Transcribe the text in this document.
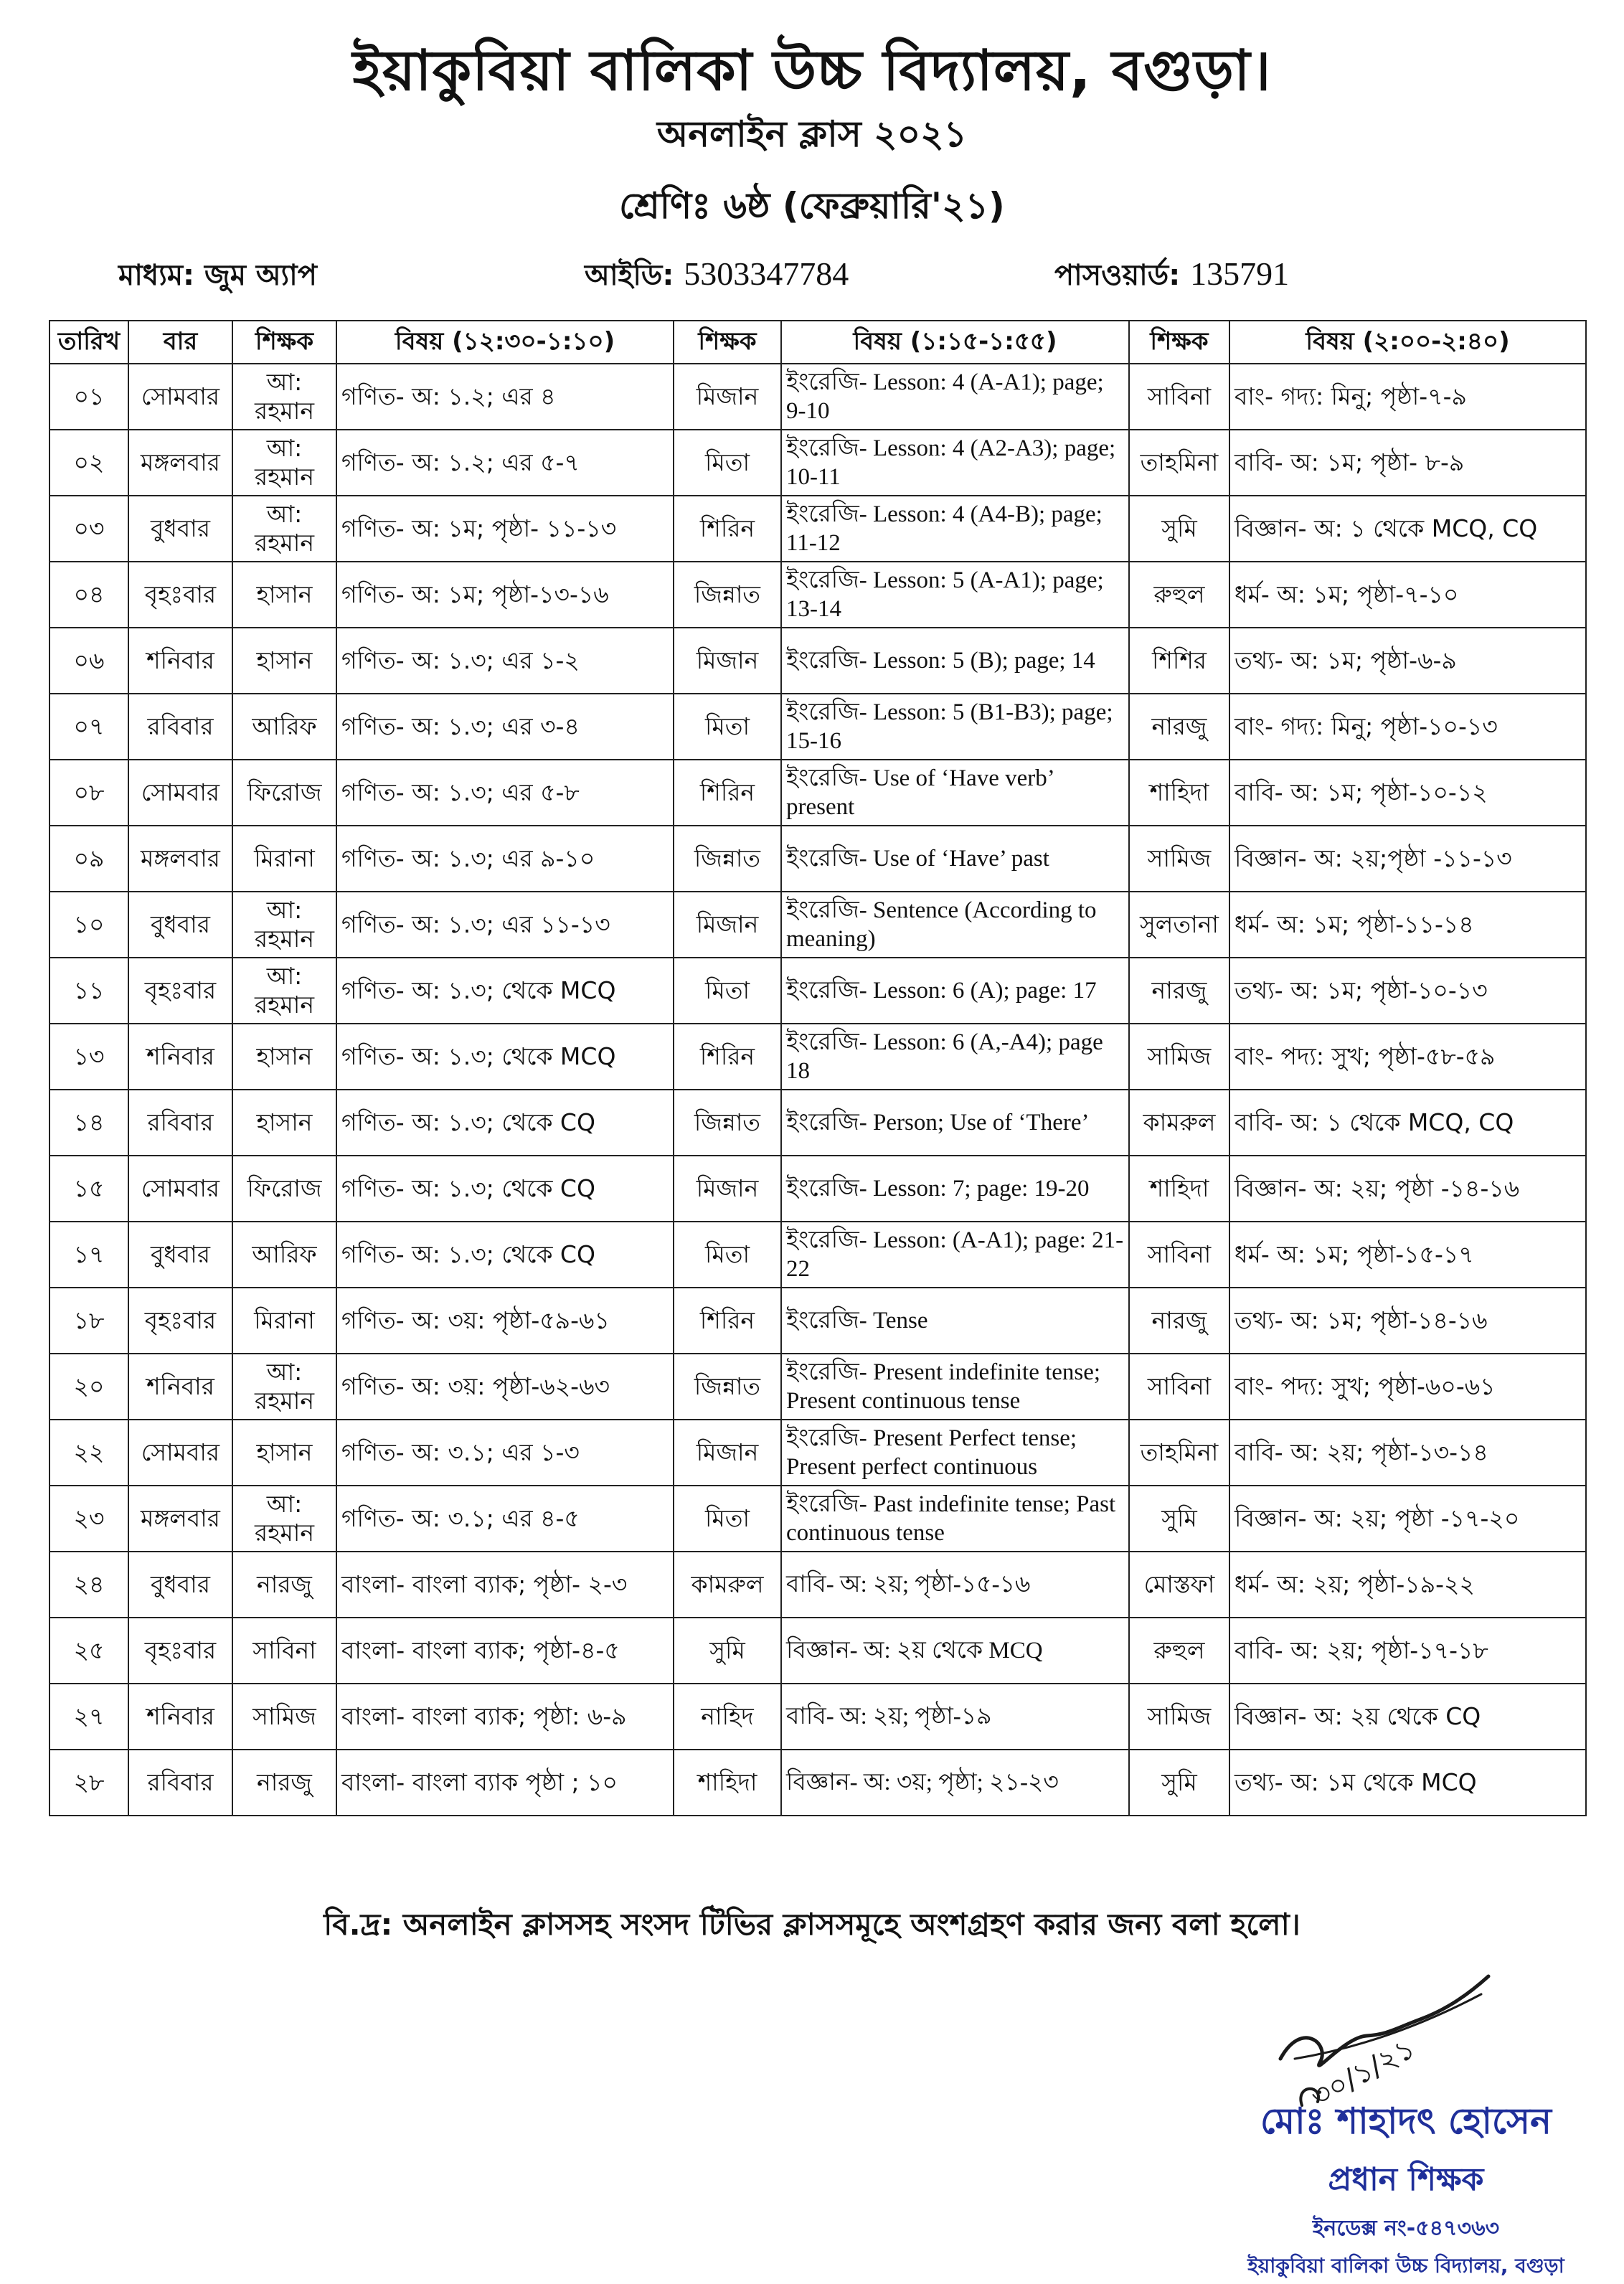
ইয়াকুবিয়া বালিকা উচ্চ বিদ্যালয়, বগুড়া।
অনলাইন ক্লাস ২০২১
শ্রেণিঃ ৬ষ্ঠ (ফেব্রুয়ারি'২১)
মাধ্যম: জুম অ্যাপ	আইডি: 5303347784	পাসওয়ার্ড: 135791
তারিখ	বার	শিক্ষক	বিষয় (১২:৩০-১:১০)	শিক্ষক	বিষয় (১:১৫-১:৫৫)	শিক্ষক	বিষয় (২:০০-২:৪০)
০১	সোমবার	আ: রহমান	গণিত- অ: ১.২; এর ৪	মিজান	ইংরেজি- Lesson: 4 (A-A1); page; 9-10	সাবিনা	বাং- গদ্য: মিনু; পৃষ্ঠা-৭-৯
০২	মঙ্গলবার	আ: রহমান	গণিত- অ: ১.২; এর ৫-৭	মিতা	ইংরেজি- Lesson: 4 (A2-A3); page; 10-11	তাহমিনা	বাবি- অ: ১ম; পৃষ্ঠা- ৮-৯
০৩	বুধবার	আ: রহমান	গণিত- অ: ১ম; পৃষ্ঠা- ১১-১৩	শিরিন	ইংরেজি- Lesson: 4 (A4-B); page; 11-12	সুমি	বিজ্ঞান- অ: ১ থেকে MCQ, CQ
০৪	বৃহঃবার	হাসান	গণিত- অ: ১ম; পৃষ্ঠা-১৩-১৬	জিন্নাত	ইংরেজি- Lesson: 5 (A-A1); page; 13-14	রুহুল	ধর্ম- অ: ১ম; পৃষ্ঠা-৭-১০
০৬	শনিবার	হাসান	গণিত- অ: ১.৩; এর ১-২	মিজান	ইংরেজি- Lesson: 5 (B); page; 14	শিশির	তথ্য- অ: ১ম; পৃষ্ঠা-৬-৯
০৭	রবিবার	আরিফ	গণিত- অ: ১.৩; এর ৩-৪	মিতা	ইংরেজি- Lesson: 5 (B1-B3); page; 15-16	নারজু	বাং- গদ্য: মিনু; পৃষ্ঠা-১০-১৩
০৮	সোমবার	ফিরোজ	গণিত- অ: ১.৩; এর ৫-৮	শিরিন	ইংরেজি- Use of ‘Have verb’ present	শাহিদা	বাবি- অ: ১ম; পৃষ্ঠা-১০-১২
০৯	মঙ্গলবার	মিরানা	গণিত- অ: ১.৩; এর ৯-১০	জিন্নাত	ইংরেজি- Use of ‘Have’ past	সামিজ	বিজ্ঞান- অ: ২য়;পৃষ্ঠা -১১-১৩
১০	বুধবার	আ: রহমান	গণিত- অ: ১.৩; এর ১১-১৩	মিজান	ইংরেজি- Sentence (According to meaning)	সুলতানা	ধর্ম- অ: ১ম; পৃষ্ঠা-১১-১৪
১১	বৃহঃবার	আ: রহমান	গণিত- অ: ১.৩; থেকে MCQ	মিতা	ইংরেজি- Lesson: 6 (A); page: 17	নারজু	তথ্য- অ: ১ম; পৃষ্ঠা-১০-১৩
১৩	শনিবার	হাসান	গণিত- অ: ১.৩; থেকে MCQ	শিরিন	ইংরেজি- Lesson: 6 (A,-A4); page 18	সামিজ	বাং- পদ্য: সুখ; পৃষ্ঠা-৫৮-৫৯
১৪	রবিবার	হাসান	গণিত- অ: ১.৩; থেকে CQ	জিন্নাত	ইংরেজি- Person; Use of ‘There’	কামরুল	বাবি- অ: ১ থেকে MCQ, CQ
১৫	সোমবার	ফিরোজ	গণিত- অ: ১.৩; থেকে CQ	মিজান	ইংরেজি- Lesson: 7; page: 19-20	শাহিদা	বিজ্ঞান- অ: ২য়; পৃষ্ঠা -১৪-১৬
১৭	বুধবার	আরিফ	গণিত- অ: ১.৩; থেকে CQ	মিতা	ইংরেজি- Lesson: (A-A1); page: 21-22	সাবিনা	ধর্ম- অ: ১ম; পৃষ্ঠা-১৫-১৭
১৮	বৃহঃবার	মিরানা	গণিত- অ: ৩য়: পৃষ্ঠা-৫৯-৬১	শিরিন	ইংরেজি- Tense	নারজু	তথ্য- অ: ১ম; পৃষ্ঠা-১৪-১৬
২০	শনিবার	আ: রহমান	গণিত- অ: ৩য়: পৃষ্ঠা-৬২-৬৩	জিন্নাত	ইংরেজি- Present indefinite tense; Present continuous tense	সাবিনা	বাং- পদ্য: সুখ; পৃষ্ঠা-৬০-৬১
২২	সোমবার	হাসান	গণিত- অ: ৩.১; এর ১-৩	মিজান	ইংরেজি- Present Perfect tense; Present perfect continuous	তাহমিনা	বাবি- অ: ২য়; পৃষ্ঠা-১৩-১৪
২৩	মঙ্গলবার	আ: রহমান	গণিত- অ: ৩.১; এর ৪-৫	মিতা	ইংরেজি- Past indefinite tense; Past continuous tense	সুমি	বিজ্ঞান- অ: ২য়; পৃষ্ঠা -১৭-২০
২৪	বুধবার	নারজু	বাংলা- বাংলা ব্যাক; পৃষ্ঠা- ২-৩	কামরুল	বাবি- অ: ২য়; পৃষ্ঠা-১৫-১৬	মোস্তফা	ধর্ম- অ: ২য়; পৃষ্ঠা-১৯-২২
২৫	বৃহঃবার	সাবিনা	বাংলা- বাংলা ব্যাক; পৃষ্ঠা-৪-৫	সুমি	বিজ্ঞান- অ: ২য় থেকে MCQ	রুহুল	বাবি- অ: ২য়; পৃষ্ঠা-১৭-১৮
২৭	শনিবার	সামিজ	বাংলা- বাংলা ব্যাক; পৃষ্ঠা: ৬-৯	নাহিদ	বাবি- অ: ২য়; পৃষ্ঠা-১৯	সামিজ	বিজ্ঞান- অ: ২য় থেকে CQ
২৮	রবিবার	নারজু	বাংলা- বাংলা ব্যাক পৃষ্ঠা ; ১০	শাহিদা	বিজ্ঞান- অ: ৩য়; পৃষ্ঠা; ২১-২৩	সুমি	তথ্য- অ: ১ম থেকে MCQ
বি.দ্র: অনলাইন ক্লাসসহ সংসদ টিভির ক্লাসসমূহে অংশগ্রহণ করার জন্য বলা হলো।
৩০/১/২১
মোঃ শাহাদৎ হোসেন
প্রধান শিক্ষক
ইনডেক্স নং-৫৪৭৩৬৩
ইয়াকুবিয়া বালিকা উচ্চ বিদ্যালয়, বগুড়া
